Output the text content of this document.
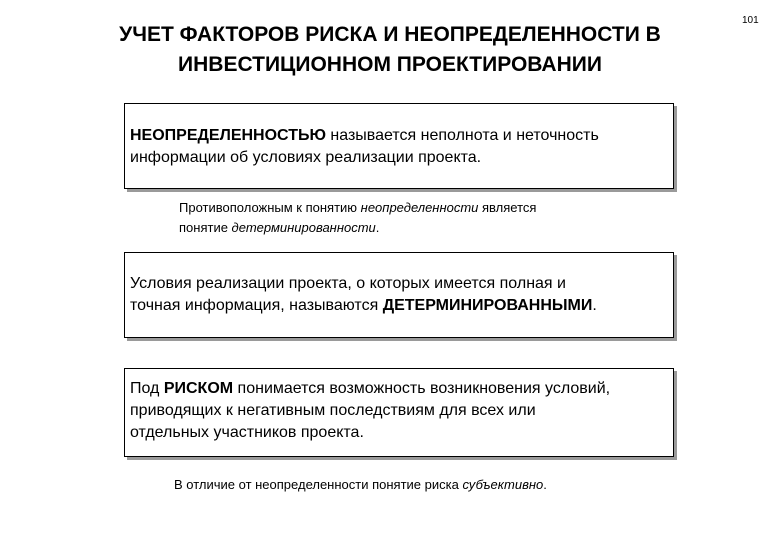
УЧЕТ ФАКТОРОВ РИСКА И НЕОПРЕДЕЛЕННОСТИ В
ИНВЕСТИЦИОННОМ ПРОЕКТИРОВАНИИ
101
НЕОПРЕДЕЛЕННОСТЬЮ называется неполнота и неточность
информации об условиях реализации проекта.
Противоположным к понятию неопределенности является
понятие детерминированности.
Условия реализации проекта, о которых имеется полная и
точная информация, называются ДЕТЕРМИНИРОВАННЫМИ.
Под РИСКОМ понимается возможность возникновения условий,
приводящих к негативным последствиям для всех или
отдельных участников проекта.
В отличие от неопределенности понятие риска субъективно.
